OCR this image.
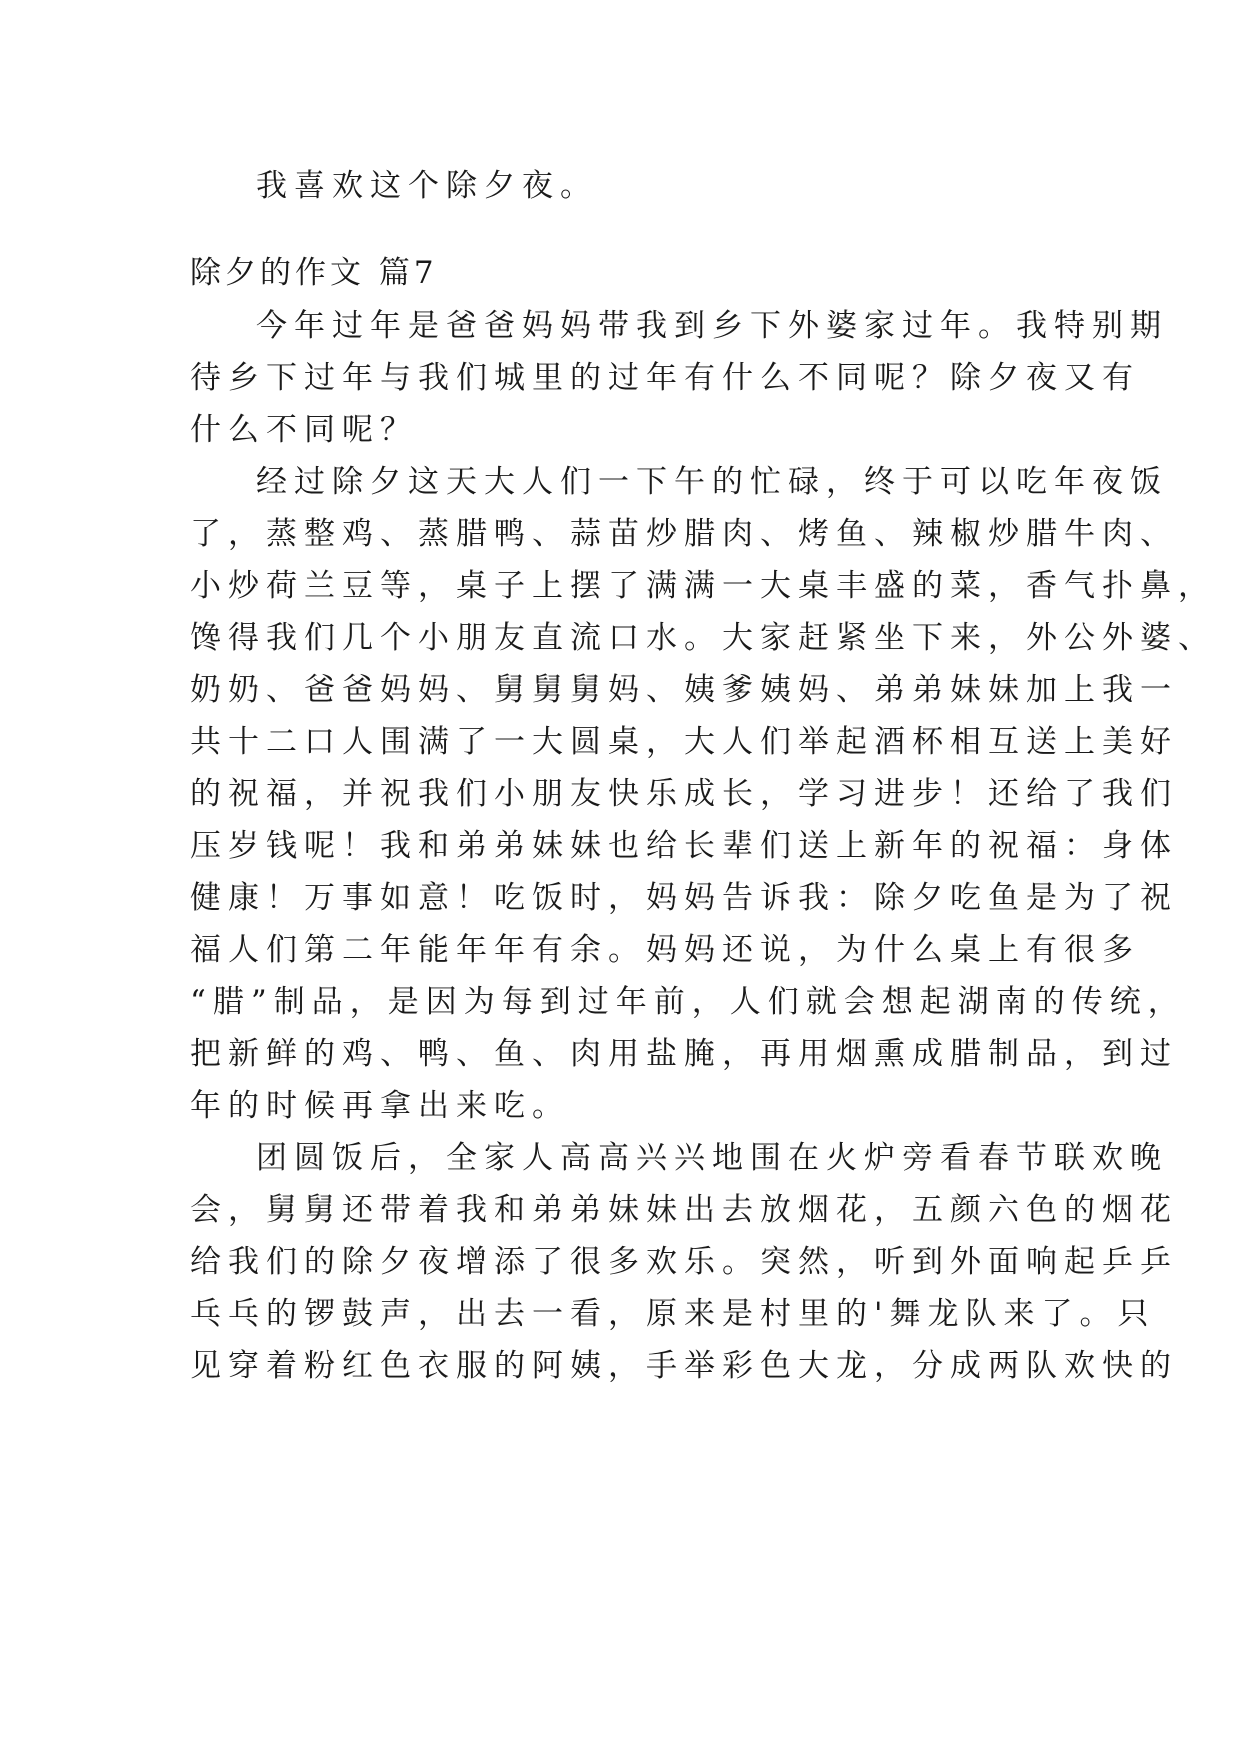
我喜欢这个除夕夜。
除夕的作文 篇7
今年过年是爸爸妈妈带我到乡下外婆家过年。我特别期
待乡下过年与我们城里的过年有什么不同呢？除夕夜又有
什么不同呢？
经过除夕这天大人们一下午的忙碌，终于可以吃年夜饭
了，蒸整鸡、蒸腊鸭、蒜苗炒腊肉、烤鱼、辣椒炒腊牛肉、
小炒荷兰豆等，桌子上摆了满满一大桌丰盛的菜，香气扑鼻，
馋得我们几个小朋友直流口水。大家赶紧坐下来，外公外婆、
奶奶、爸爸妈妈、舅舅舅妈、姨爹姨妈、弟弟妹妹加上我一
共十二口人围满了一大圆桌，大人们举起酒杯相互送上美好
的祝福，并祝我们小朋友快乐成长，学习进步！还给了我们
压岁钱呢！我和弟弟妹妹也给长辈们送上新年的祝福：身体
健康！万事如意！吃饭时，妈妈告诉我：除夕吃鱼是为了祝
福人们第二年能年年有余。妈妈还说，为什么桌上有很多
“腊”制品，是因为每到过年前，人们就会想起湖南的传统，
把新鲜的鸡、鸭、鱼、肉用盐腌，再用烟熏成腊制品，到过
年的时候再拿出来吃。
团圆饭后，全家人高高兴兴地围在火炉旁看春节联欢晚
会，舅舅还带着我和弟弟妹妹出去放烟花，五颜六色的烟花
给我们的除夕夜增添了很多欢乐。突然，听到外面响起乒乒
乓乓的锣鼓声，出去一看，原来是村里的'舞龙队来了。只
见穿着粉红色衣服的阿姨，手举彩色大龙，分成两队欢快的
